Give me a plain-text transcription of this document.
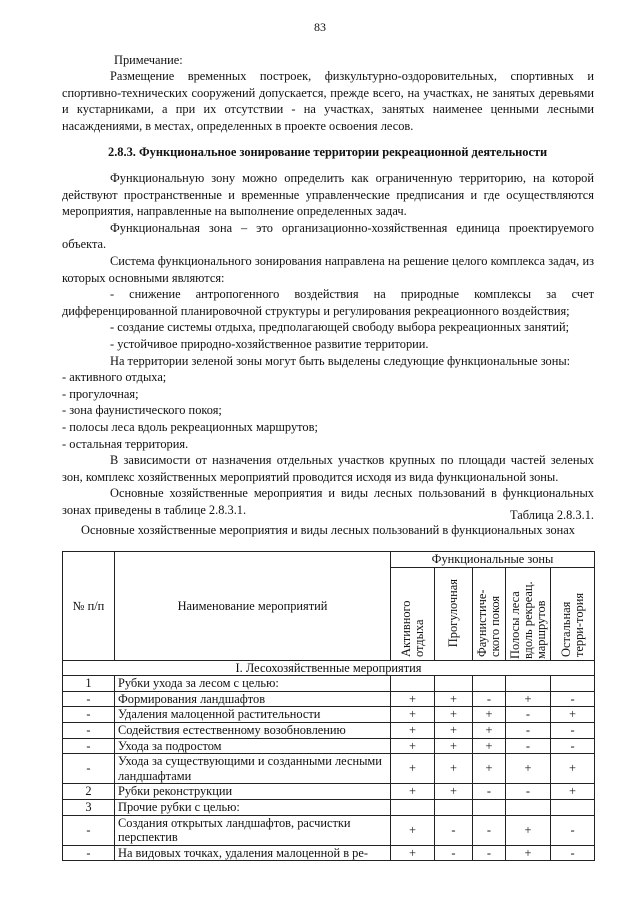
83
Примечание:
Размещение временных построек, физкультурно-оздоровительных, спортивных и спортивно-технических сооружений допускается, прежде всего, на участках, не занятых деревьями и кустарниками, а при их отсутствии - на участках, занятых наименее ценными лесными насаждениями, в местах, определенных в проекте освоения лесов.
2.8.3. Функциональное зонирование территории рекреационной деятельности
Функциональную зону можно определить как ограниченную территорию, на которой действуют пространственные и временные управленческие предписания и где осуществляются мероприятия, направленные на выполнение определенных задач.
Функциональная зона – это организационно-хозяйственная единица проектируемого объекта.
Система функционального зонирования направлена на решение целого комплекса задач, из которых основными являются:
- снижение антропогенного воздействия на природные комплексы за счет дифференцированной планировочной структуры и регулирования рекреационного воздействия;
- создание системы отдыха, предполагающей свободу выбора рекреационных занятий;
- устойчивое природно-хозяйственное развитие территории.
На территории зеленой зоны могут быть выделены следующие функциональные зоны:
- активного отдыха;
- прогулочная;
- зона фаунистического покоя;
- полосы леса вдоль рекреационных маршрутов;
- остальная территория.
В зависимости от назначения отдельных участков крупных по площади частей зеленых зон, комплекс хозяйственных мероприятий проводится исходя из вида функциональной зоны.
Основные хозяйственные мероприятия и виды лесных пользований в функциональных зонах приведены в таблице 2.8.3.1.	Таблица 2.8.3.1.
Основные хозяйственные мероприятия и виды лесных пользований в функциональных зонах
№ п/п	Наименование мероприятий	Функциональные зоны				

		Активного отдыха	Прогулочная	Фаунистиче-ского покоя	Полосы леса вдоль рекреац. маршрутов	Остальная терри-тория

I. Лесохозяйственные мероприятия						
1	Рубки ухода за лесом с целью:					
-	Формирования ландшафтов	+	+	-	+	-
-	Удаления малоценной растительности	+	+	+	-	+
-	Содействия естественному возобновлению	+	+	+	-	-
-	Ухода за подростом	+	+	+	-	-
-	Ухода за существующими и созданными лесными ландшафтами	+	+	+	+	+
2	Рубки реконструкции	+	+	-	-	+
3	Прочие рубки с целью:					
-	Создания открытых ландшафтов, расчистки перспектив	+	-	-	+	-
-	На видовых точках, удаления малоценной в ре-	+	-	-	+	-
